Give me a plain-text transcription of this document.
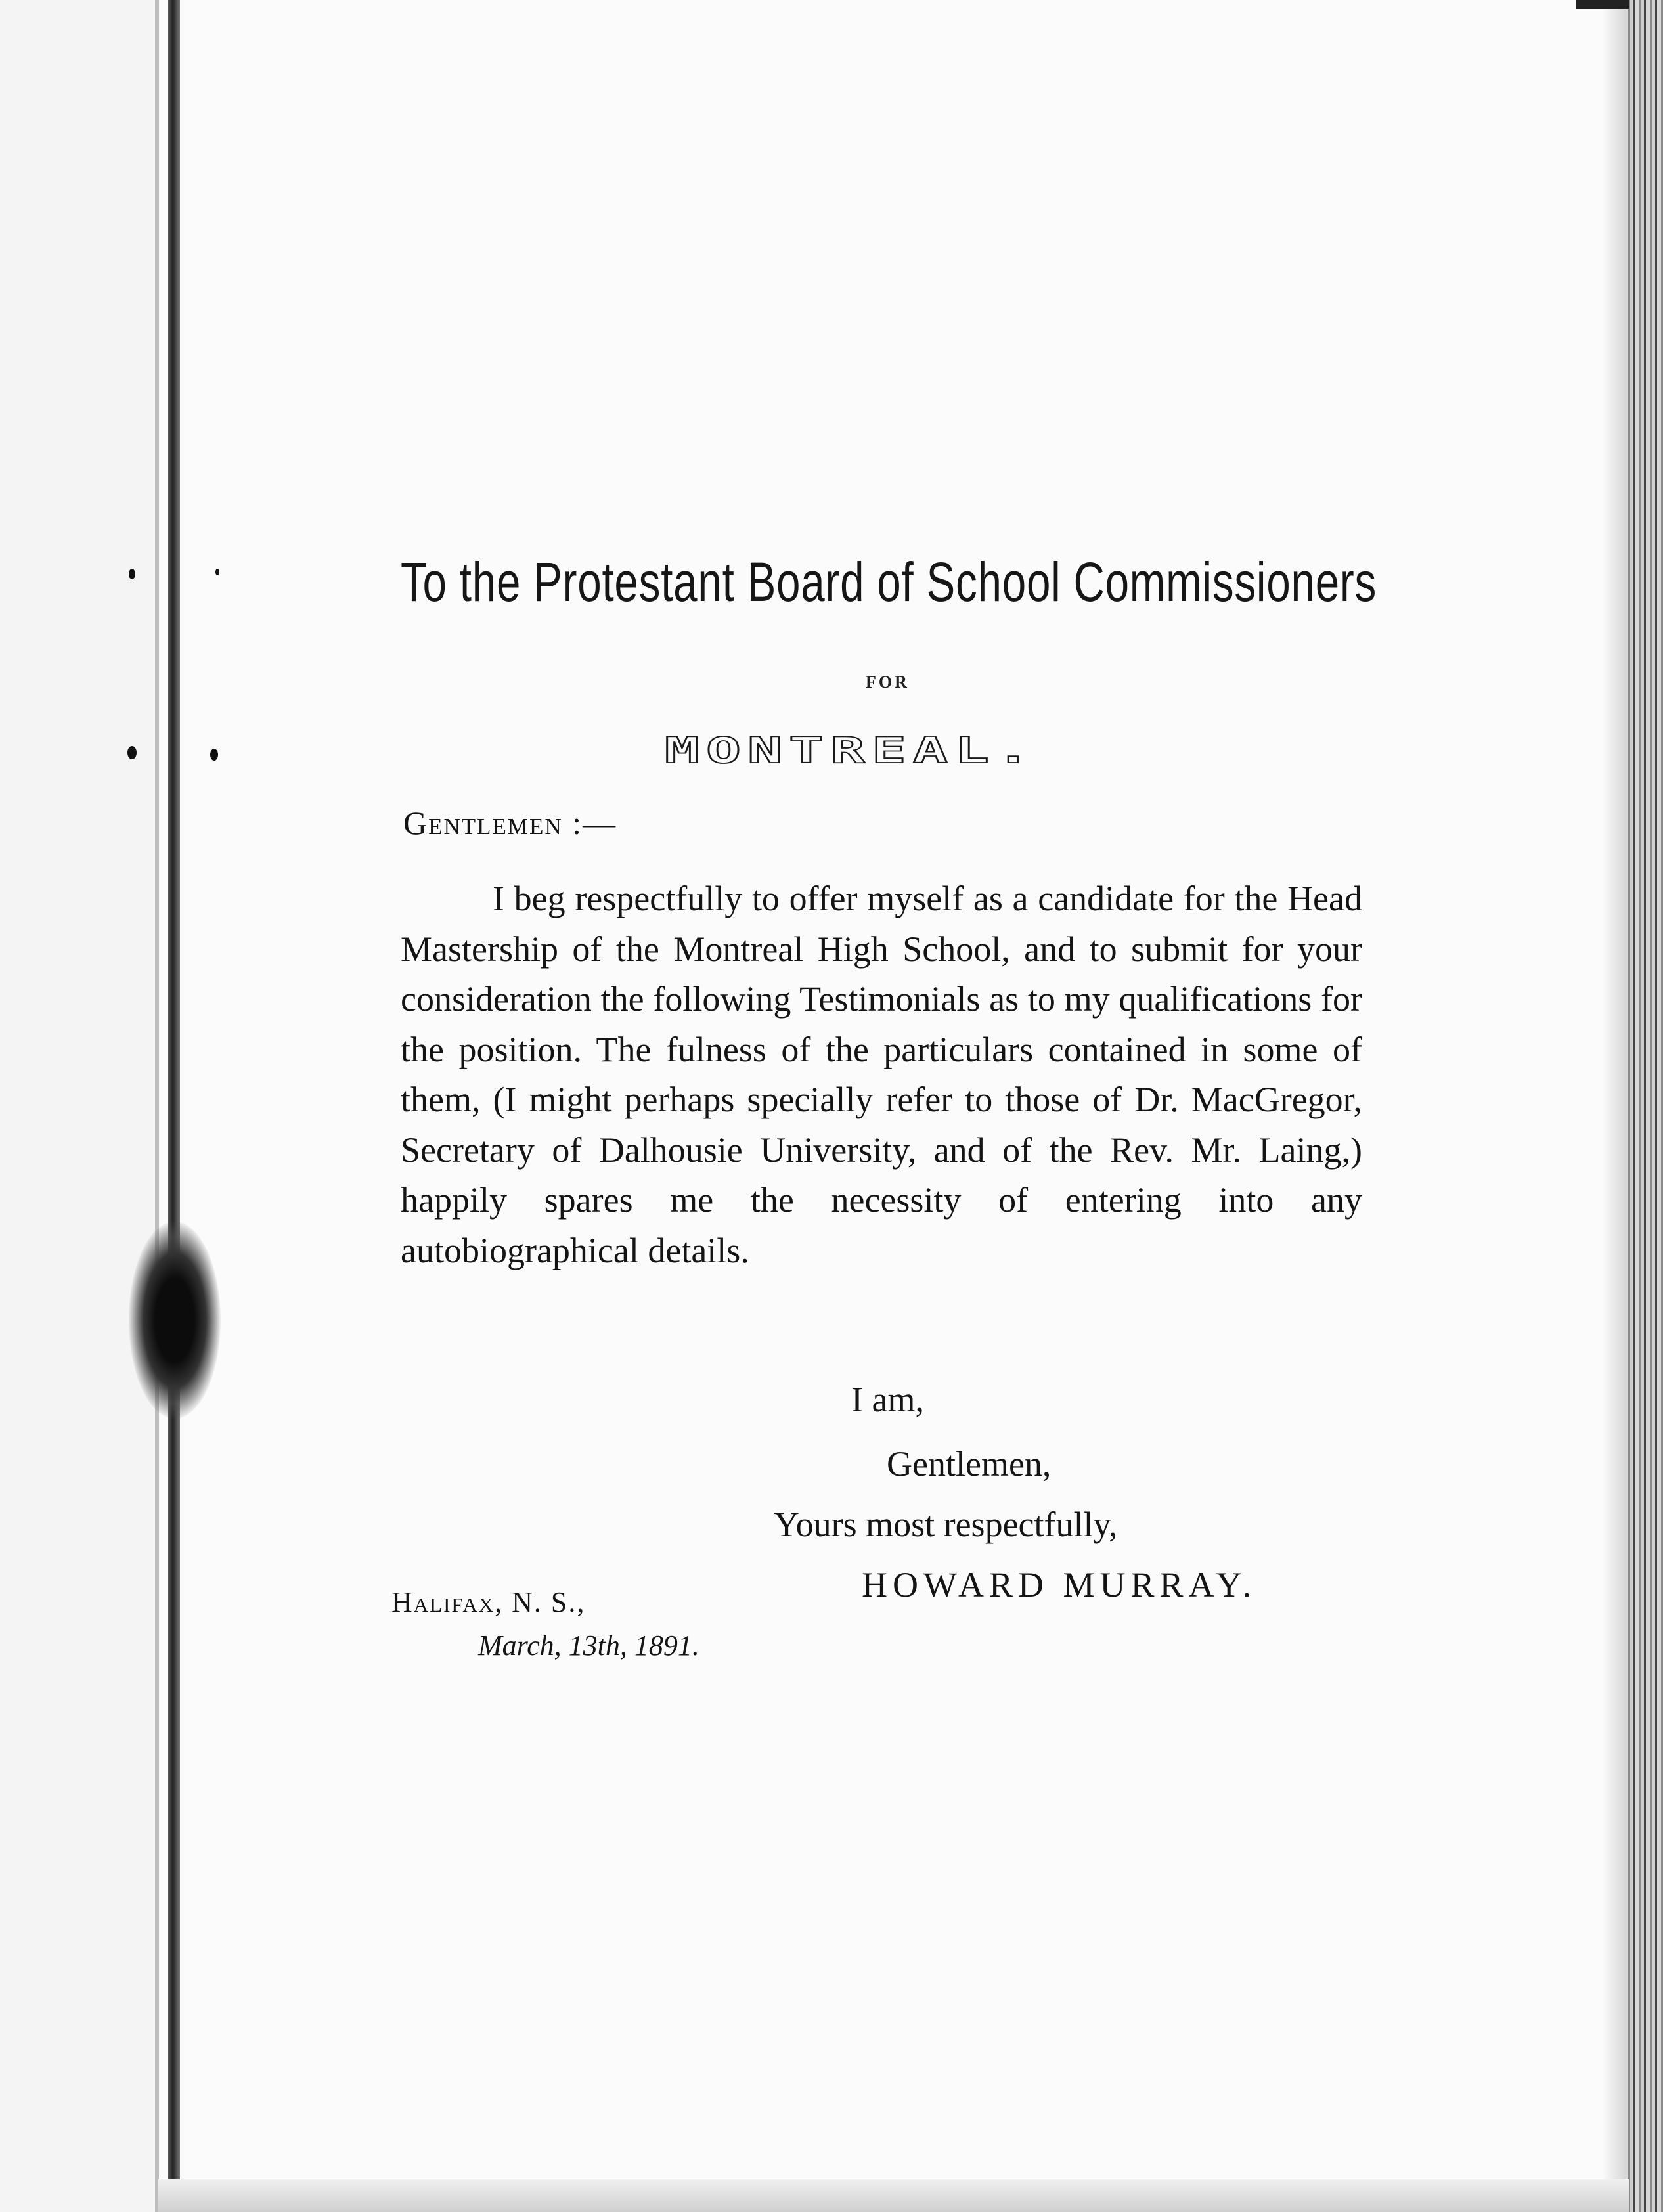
To the Protestant Board of School Commissioners
FOR
MONTREAL.
Gentlemen :—
I beg respectfully to offer myself as a candidate for the Head Mastership of the Montreal High School, and to submit for your consideration the following Testimonials as to my qualifications for the position. The fulness of the particulars contained in some of them, (I might perhaps specially refer to those of Dr. MacGregor, Secretary of Dalhousie University, and of the Rev. Mr. Laing,) happily spares me the necessity of entering into any autobiographical details.
I am,
Gentlemen,
Yours most respectfully,
HOWARD MURRAY.
Halifax, N. S.,
March, 13th, 1891.
